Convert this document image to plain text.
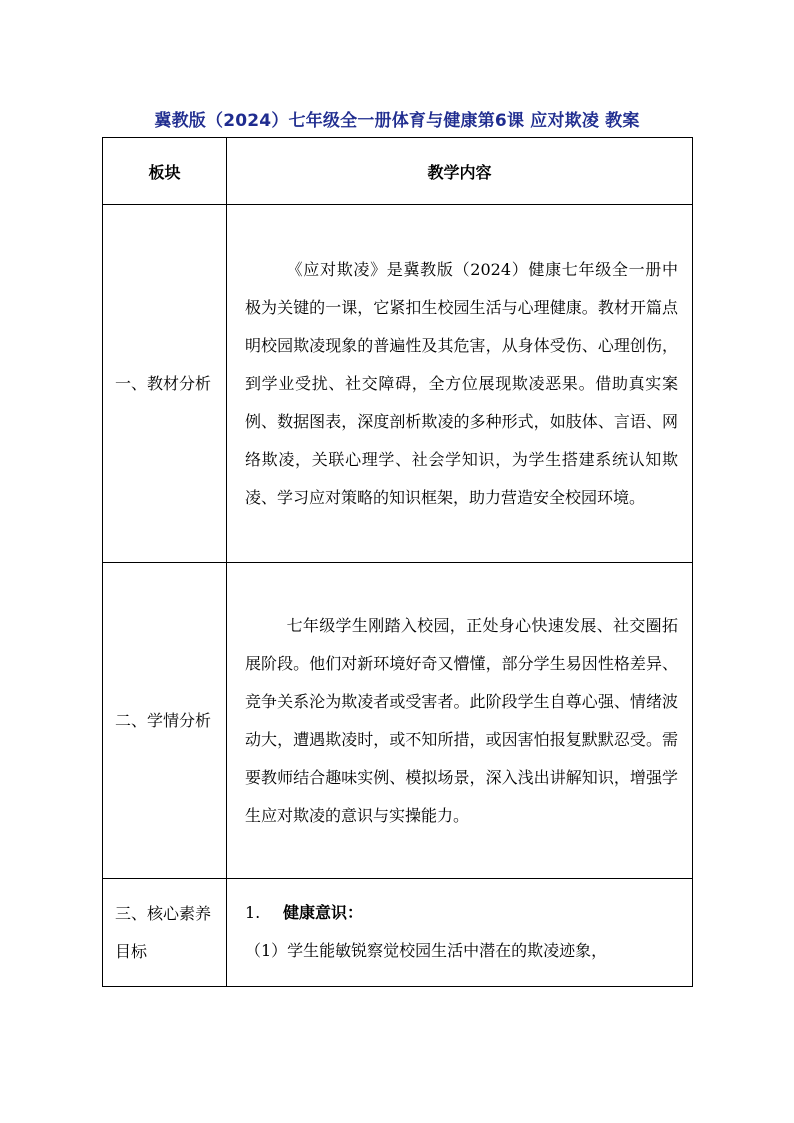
冀教版（2024）七年级全一册体育与健康第6课 应对欺凌 教案
板块	教学内容
一、教材分析	《应对欺凌》是冀教版（2024）健康七年级全一册中极为关键的一课，它紧扣生校园生活与心理健康。教材开篇点明校园欺凌现象的普遍性及其危害，从身体受伤、心理创伤，到学业受扰、社交障碍，全方位展现欺凌恶果。借助真实案例、数据图表，深度剖析欺凌的多种形式，如肢体、言语、网络欺凌，关联心理学、社会学知识，为学生搭建系统认知欺凌、学习应对策略的知识框架，助力营造安全校园环境。
二、学情分析	七年级学生刚踏入校园，正处身心快速发展、社交圈拓展阶段。他们对新环境好奇又懵懂，部分学生易因性格差异、竞争关系沦为欺凌者或受害者。此阶段学生自尊心强、情绪波动大，遭遇欺凌时，或不知所措，或因害怕报复默默忍受。需要教师结合趣味实例、模拟场景，深入浅出讲解知识，增强学生应对欺凌的意识与实操能力。
三、核心素养目标	1. 健康意识：
（1）学生能敏锐察觉校园生活中潜在的欺凌迹象，
